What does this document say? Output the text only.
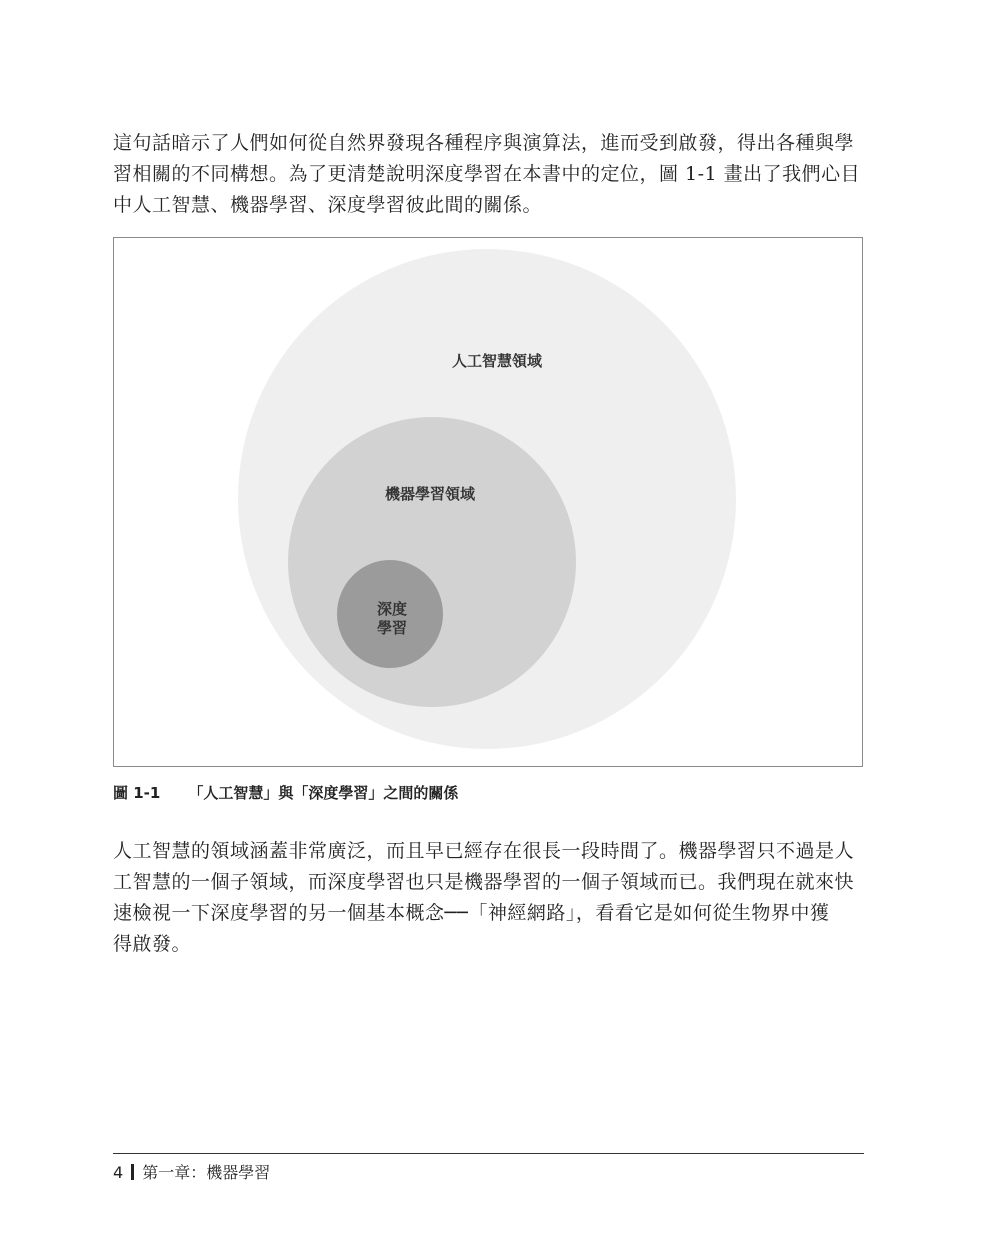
這句話暗示了人們如何從自然界發現各種程序與演算法，進而受到啟發，得出各種與學
習相關的不同構想。為了更清楚說明深度學習在本書中的定位，圖 1-1 畫出了我們心目
中人工智慧、機器學習、深度學習彼此間的關係。
人工智慧領域
機器學習領域
深度
學習
圖 1-1 「人工智慧」與「深度學習」之間的關係
人工智慧的領域涵蓋非常廣泛，而且早已經存在很長一段時間了。機器學習只不過是人
工智慧的一個子領域，而深度學習也只是機器學習的一個子領域而已。我們現在就來快
速檢視一下深度學習的另一個基本概念──「神經網路」，看看它是如何從生物界中獲
得啟發。
4 第一章：機器學習
